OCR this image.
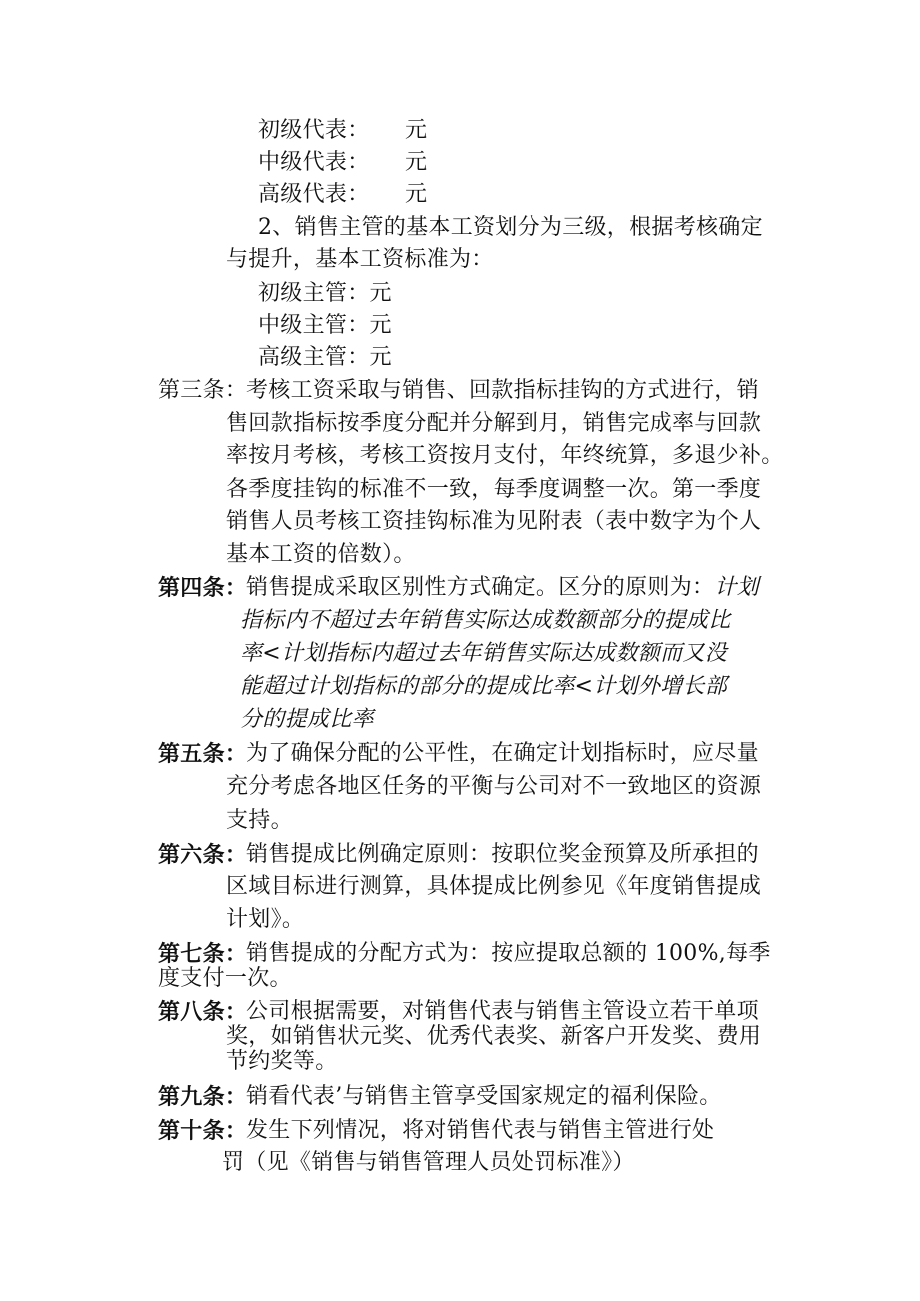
初级代表： 元
中级代表： 元
高级代表： 元
2、销售主管的基本工资划分为三级，根据考核确定
与提升，基本工资标准为：
初级主管：元
中级主管：元
高级主管：元
第三条：
考核工资采取与销售、回款指标挂钩的方式进行，销
售回款指标按季度分配并分解到月，销售完成率与回款
率按月考核，考核工资按月支付，年终统算，多退少补。
各季度挂钩的标准不一致，每季度调整一次。第一季度
销售人员考核工资挂钩标准为见附表（表中数字为个人
基本工资的倍数）。
第四条：
销售提成采取区别性方式确定。区分的原则为：计划
指标内不超过去年销售实际达成数额部分的提成比
率<计划指标内超过去年销售实际达成数额而又没
能超过计划指标的部分的提成比率<计划外增长部
分的提成比率
第五条：
为了确保分配的公平性，在确定计划指标时，应尽量
充分考虑各地区任务的平衡与公司对不一致地区的资源
支持。
第六条：
销售提成比例确定原则：按职位奖金预算及所承担的
区域目标进行测算，具体提成比例参见《年度销售提成
计划》。
第七条：
销售提成的分配方式为：按应提取总额的 100%,每季
度支付一次。
第八条：
公司根据需要，对销售代表与销售主管设立若干单项
奖，如销售状元奖、优秀代表奖、新客户开发奖、费用
节约奖等。
第九条：
销看代表’与销售主管享受国家规定的福利保险。
第十条：
发生下列情况，将对销售代表与销售主管进行处
罚（见《销售与销售管理人员处罚标准》）
